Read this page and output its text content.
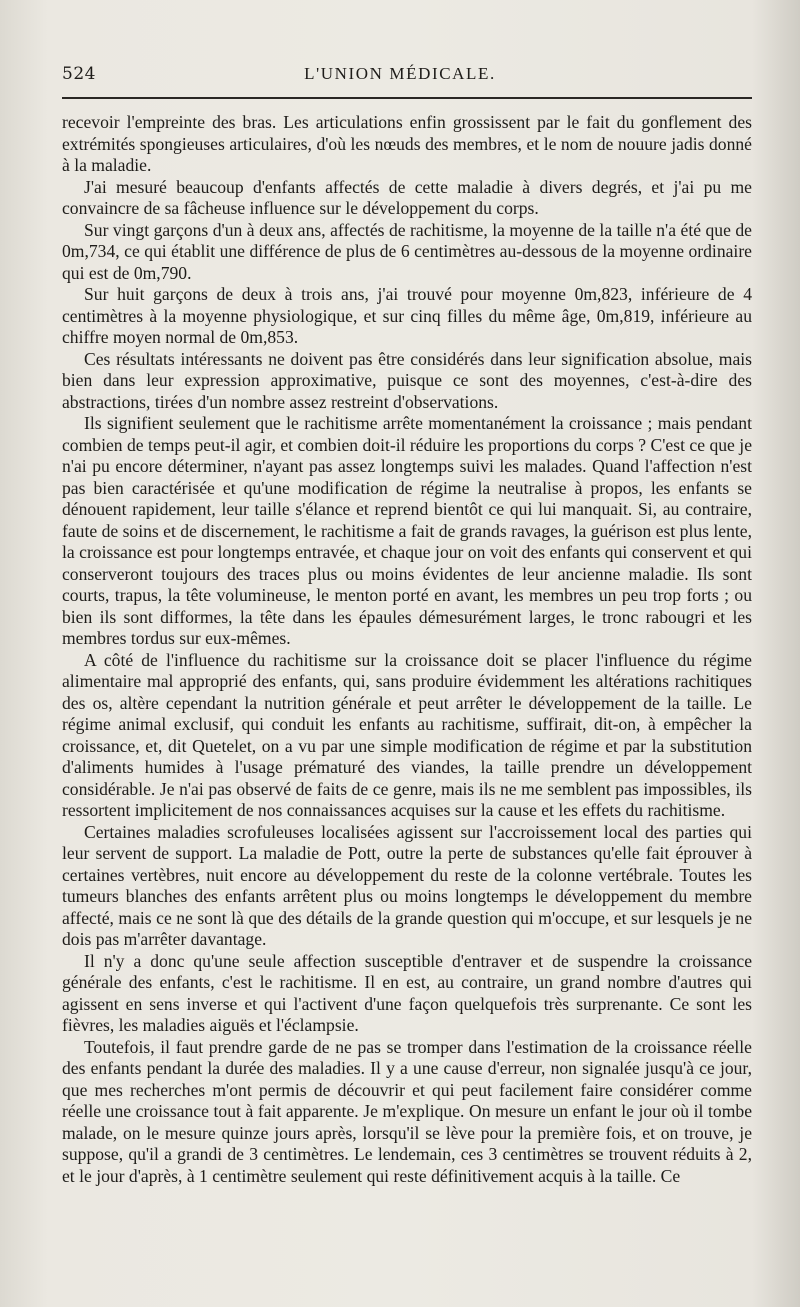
524	L'UNION MÉDICALE.

recevoir l'empreinte des bras. Les articulations enfin grossissent par le fait du gonflement des extrémités spongieuses articulaires, d'où les nœuds des membres, et le nom de nouure jadis donné à la maladie.

J'ai mesuré beaucoup d'enfants affectés de cette maladie à divers degrés, et j'ai pu me convaincre de sa fâcheuse influence sur le développement du corps.

Sur vingt garçons d'un à deux ans, affectés de rachitisme, la moyenne de la taille n'a été que de 0m,734, ce qui établit une différence de plus de 6 centimètres au-dessous de la moyenne ordinaire qui est de 0m,790.

Sur huit garçons de deux à trois ans, j'ai trouvé pour moyenne 0m,823, inférieure de 4 centimètres à la moyenne physiologique, et sur cinq filles du même âge, 0m,819, inférieure au chiffre moyen normal de 0m,853.

Ces résultats intéressants ne doivent pas être considérés dans leur signification absolue, mais bien dans leur expression approximative, puisque ce sont des moyennes, c'est-à-dire des abstractions, tirées d'un nombre assez restreint d'observations.

Ils signifient seulement que le rachitisme arrête momentanément la croissance ; mais pendant combien de temps peut-il agir, et combien doit-il réduire les proportions du corps ? C'est ce que je n'ai pu encore déterminer, n'ayant pas assez longtemps suivi les malades. Quand l'affection n'est pas bien caractérisée et qu'une modification de régime la neutralise à propos, les enfants se dénouent rapidement, leur taille s'élance et reprend bientôt ce qui lui manquait. Si, au contraire, faute de soins et de discernement, le rachitisme a fait de grands ravages, la guérison est plus lente, la croissance est pour longtemps entravée, et chaque jour on voit des enfants qui conservent et qui conserveront toujours des traces plus ou moins évidentes de leur ancienne maladie. Ils sont courts, trapus, la tête volumineuse, le menton porté en avant, les membres un peu trop forts ; ou bien ils sont difformes, la tête dans les épaules démesurément larges, le tronc rabougri et les membres tordus sur eux-mêmes.

A côté de l'influence du rachitisme sur la croissance doit se placer l'influence du régime alimentaire mal approprié des enfants, qui, sans produire évidemment les altérations rachitiques des os, altère cependant la nutrition générale et peut arrêter le développement de la taille. Le régime animal exclusif, qui conduit les enfants au rachitisme, suffirait, dit-on, à empêcher la croissance, et, dit Quetelet, on a vu par une simple modification de régime et par la substitution d'aliments humides à l'usage prématuré des viandes, la taille prendre un développement considérable. Je n'ai pas observé de faits de ce genre, mais ils ne me semblent pas impossibles, ils ressortent implicitement de nos connaissances acquises sur la cause et les effets du rachitisme.

Certaines maladies scrofuleuses localisées agissent sur l'accroissement local des parties qui leur servent de support. La maladie de Pott, outre la perte de substances qu'elle fait éprouver à certaines vertèbres, nuit encore au développement du reste de la colonne vertébrale. Toutes les tumeurs blanches des enfants arrêtent plus ou moins longtemps le développement du membre affecté, mais ce ne sont là que des détails de la grande question qui m'occupe, et sur lesquels je ne dois pas m'arrêter davantage.

Il n'y a donc qu'une seule affection susceptible d'entraver et de suspendre la croissance générale des enfants, c'est le rachitisme. Il en est, au contraire, un grand nombre d'autres qui agissent en sens inverse et qui l'activent d'une façon quelquefois très surprenante. Ce sont les fièvres, les maladies aiguës et l'éclampsie.

Toutefois, il faut prendre garde de ne pas se tromper dans l'estimation de la croissance réelle des enfants pendant la durée des maladies. Il y a une cause d'erreur, non signalée jusqu'à ce jour, que mes recherches m'ont permis de découvrir et qui peut facilement faire considérer comme réelle une croissance tout à fait apparente. Je m'explique. On mesure un enfant le jour où il tombe malade, on le mesure quinze jours après, lorsqu'il se lève pour la première fois, et on trouve, je suppose, qu'il a grandi de 3 centimètres. Le lendemain, ces 3 centimètres se trouvent réduits à 2, et le jour d'après, à 1 centimètre seulement qui reste définitivement acquis à la taille. Ce
